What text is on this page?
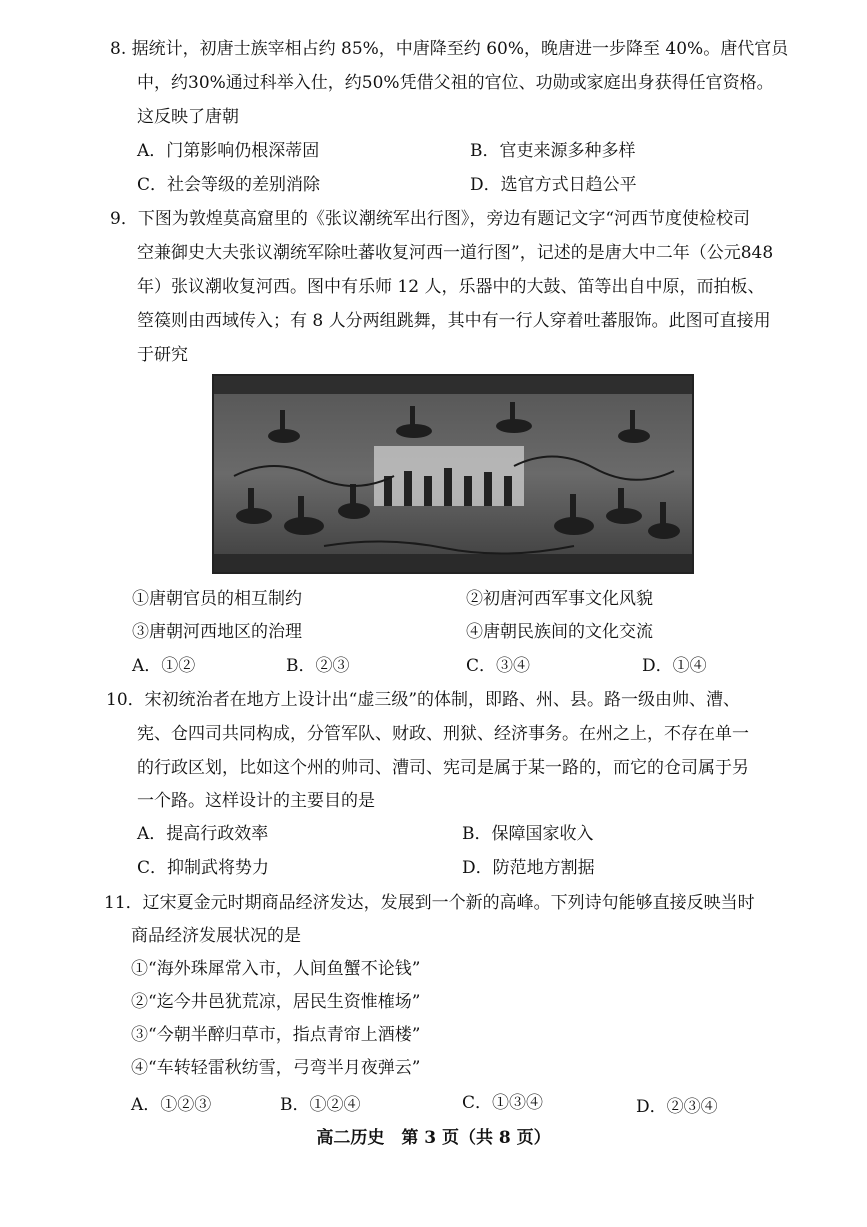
8. 据统计，初唐士族宰相占约 85%，中唐降至约 60%，晚唐进一步降至 40%。唐代官员
中，约30%通过科举入仕，约50%凭借父祖的官位、功勋或家庭出身获得任官资格。
这反映了唐朝
A．门第影响仍根深蒂固	B．官吏来源多种多样
C．社会等级的差别消除	D．选官方式日趋公平
9．下图为敦煌莫高窟里的《张议潮统军出行图》，旁边有题记文字“河西节度使检校司
空兼御史大夫张议潮统军除吐蕃收复河西一道行图”，记述的是唐大中二年（公元848
年）张议潮收复河西。图中有乐师 12 人，乐器中的大鼓、笛等出自中原，而拍板、
箜篌则由西域传入；有 8 人分两组跳舞，其中有一行人穿着吐蕃服饰。此图可直接用
于研究
①唐朝官员的相互制约	②初唐河西军事文化风貌
③唐朝河西地区的治理	④唐朝民族间的文化交流
A．①②	B．②③	C．③④	D．①④
10．宋初统治者在地方上设计出“虚三级”的体制，即路、州、县。路一级由帅、漕、
宪、仓四司共同构成，分管军队、财政、刑狱、经济事务。在州之上，不存在单一
的行政区划，比如这个州的帅司、漕司、宪司是属于某一路的，而它的仓司属于另
一个路。这样设计的主要目的是
A．提高行政效率	B．保障国家收入
C．抑制武将势力	D．防范地方割据
11．辽宋夏金元时期商品经济发达，发展到一个新的高峰。下列诗句能够直接反映当时
商品经济发展状况的是
①“海外珠犀常入市，人间鱼蟹不论钱”
②“迄今井邑犹荒凉，居民生资惟榷场”
③“今朝半醉归草市，指点青帘上酒楼”
④“车转轻雷秋纺雪，弓弯半月夜弹云”
A．①②③	B．①②④	C．①③④	D．②③④
高二历史　第 3 页（共 8 页）
